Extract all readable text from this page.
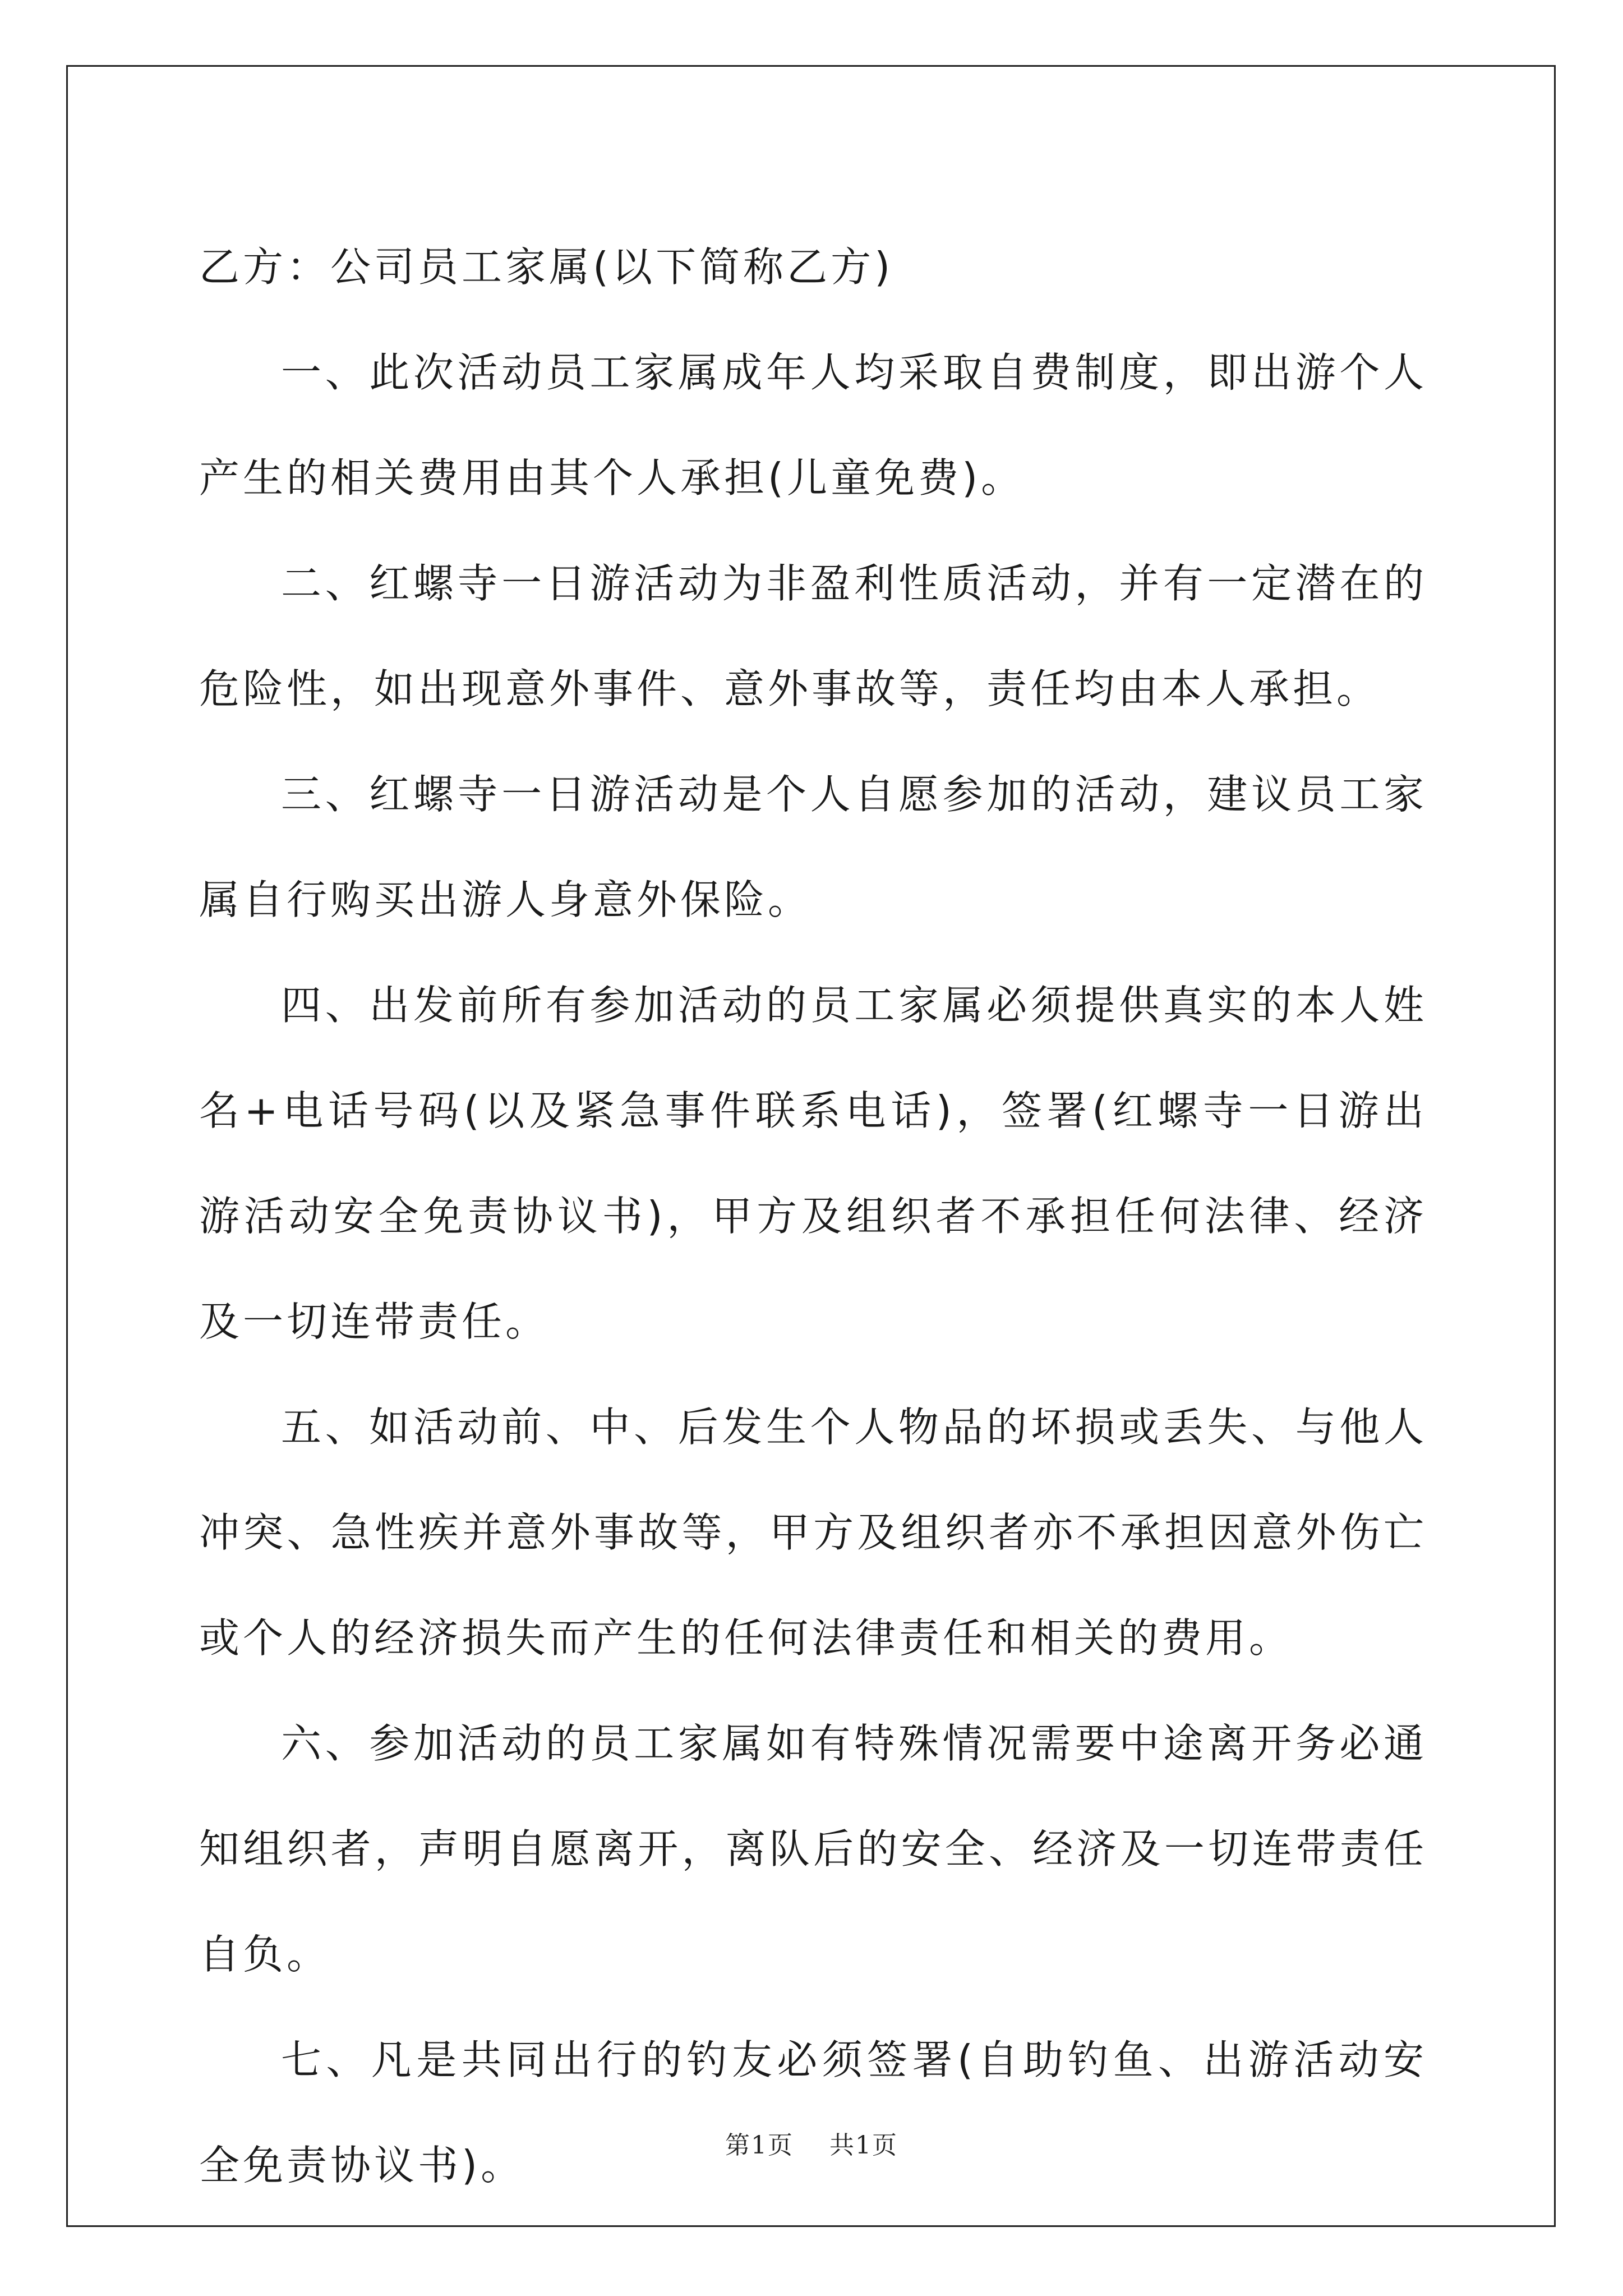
乙方：公司员工家属(以下简称乙方)

一、此次活动员工家属成年人均采取自费制度，即出游个人产生的相关费用由其个人承担(儿童免费)。

二、红螺寺一日游活动为非盈利性质活动，并有一定潜在的危险性，如出现意外事件、意外事故等，责任均由本人承担。

三、红螺寺一日游活动是个人自愿参加的活动，建议员工家属自行购买出游人身意外保险。

四、出发前所有参加活动的员工家属必须提供真实的本人姓名+电话号码(以及紧急事件联系电话)，签署(红螺寺一日游出游活动安全免责协议书)，甲方及组织者不承担任何法律、经济及一切连带责任。

五、如活动前、中、后发生个人物品的坏损或丢失、与他人冲突、急性疾并意外事故等，甲方及组织者亦不承担因意外伤亡或个人的经济损失而产生的任何法律责任和相关的费用。

六、参加活动的员工家属如有特殊情况需要中途离开务必通知组织者，声明自愿离开，离队后的安全、经济及一切连带责任自负。

七、凡是共同出行的钓友必须签署(自助钓鱼、出游活动安全免责协议书)。	第1页 共1页
